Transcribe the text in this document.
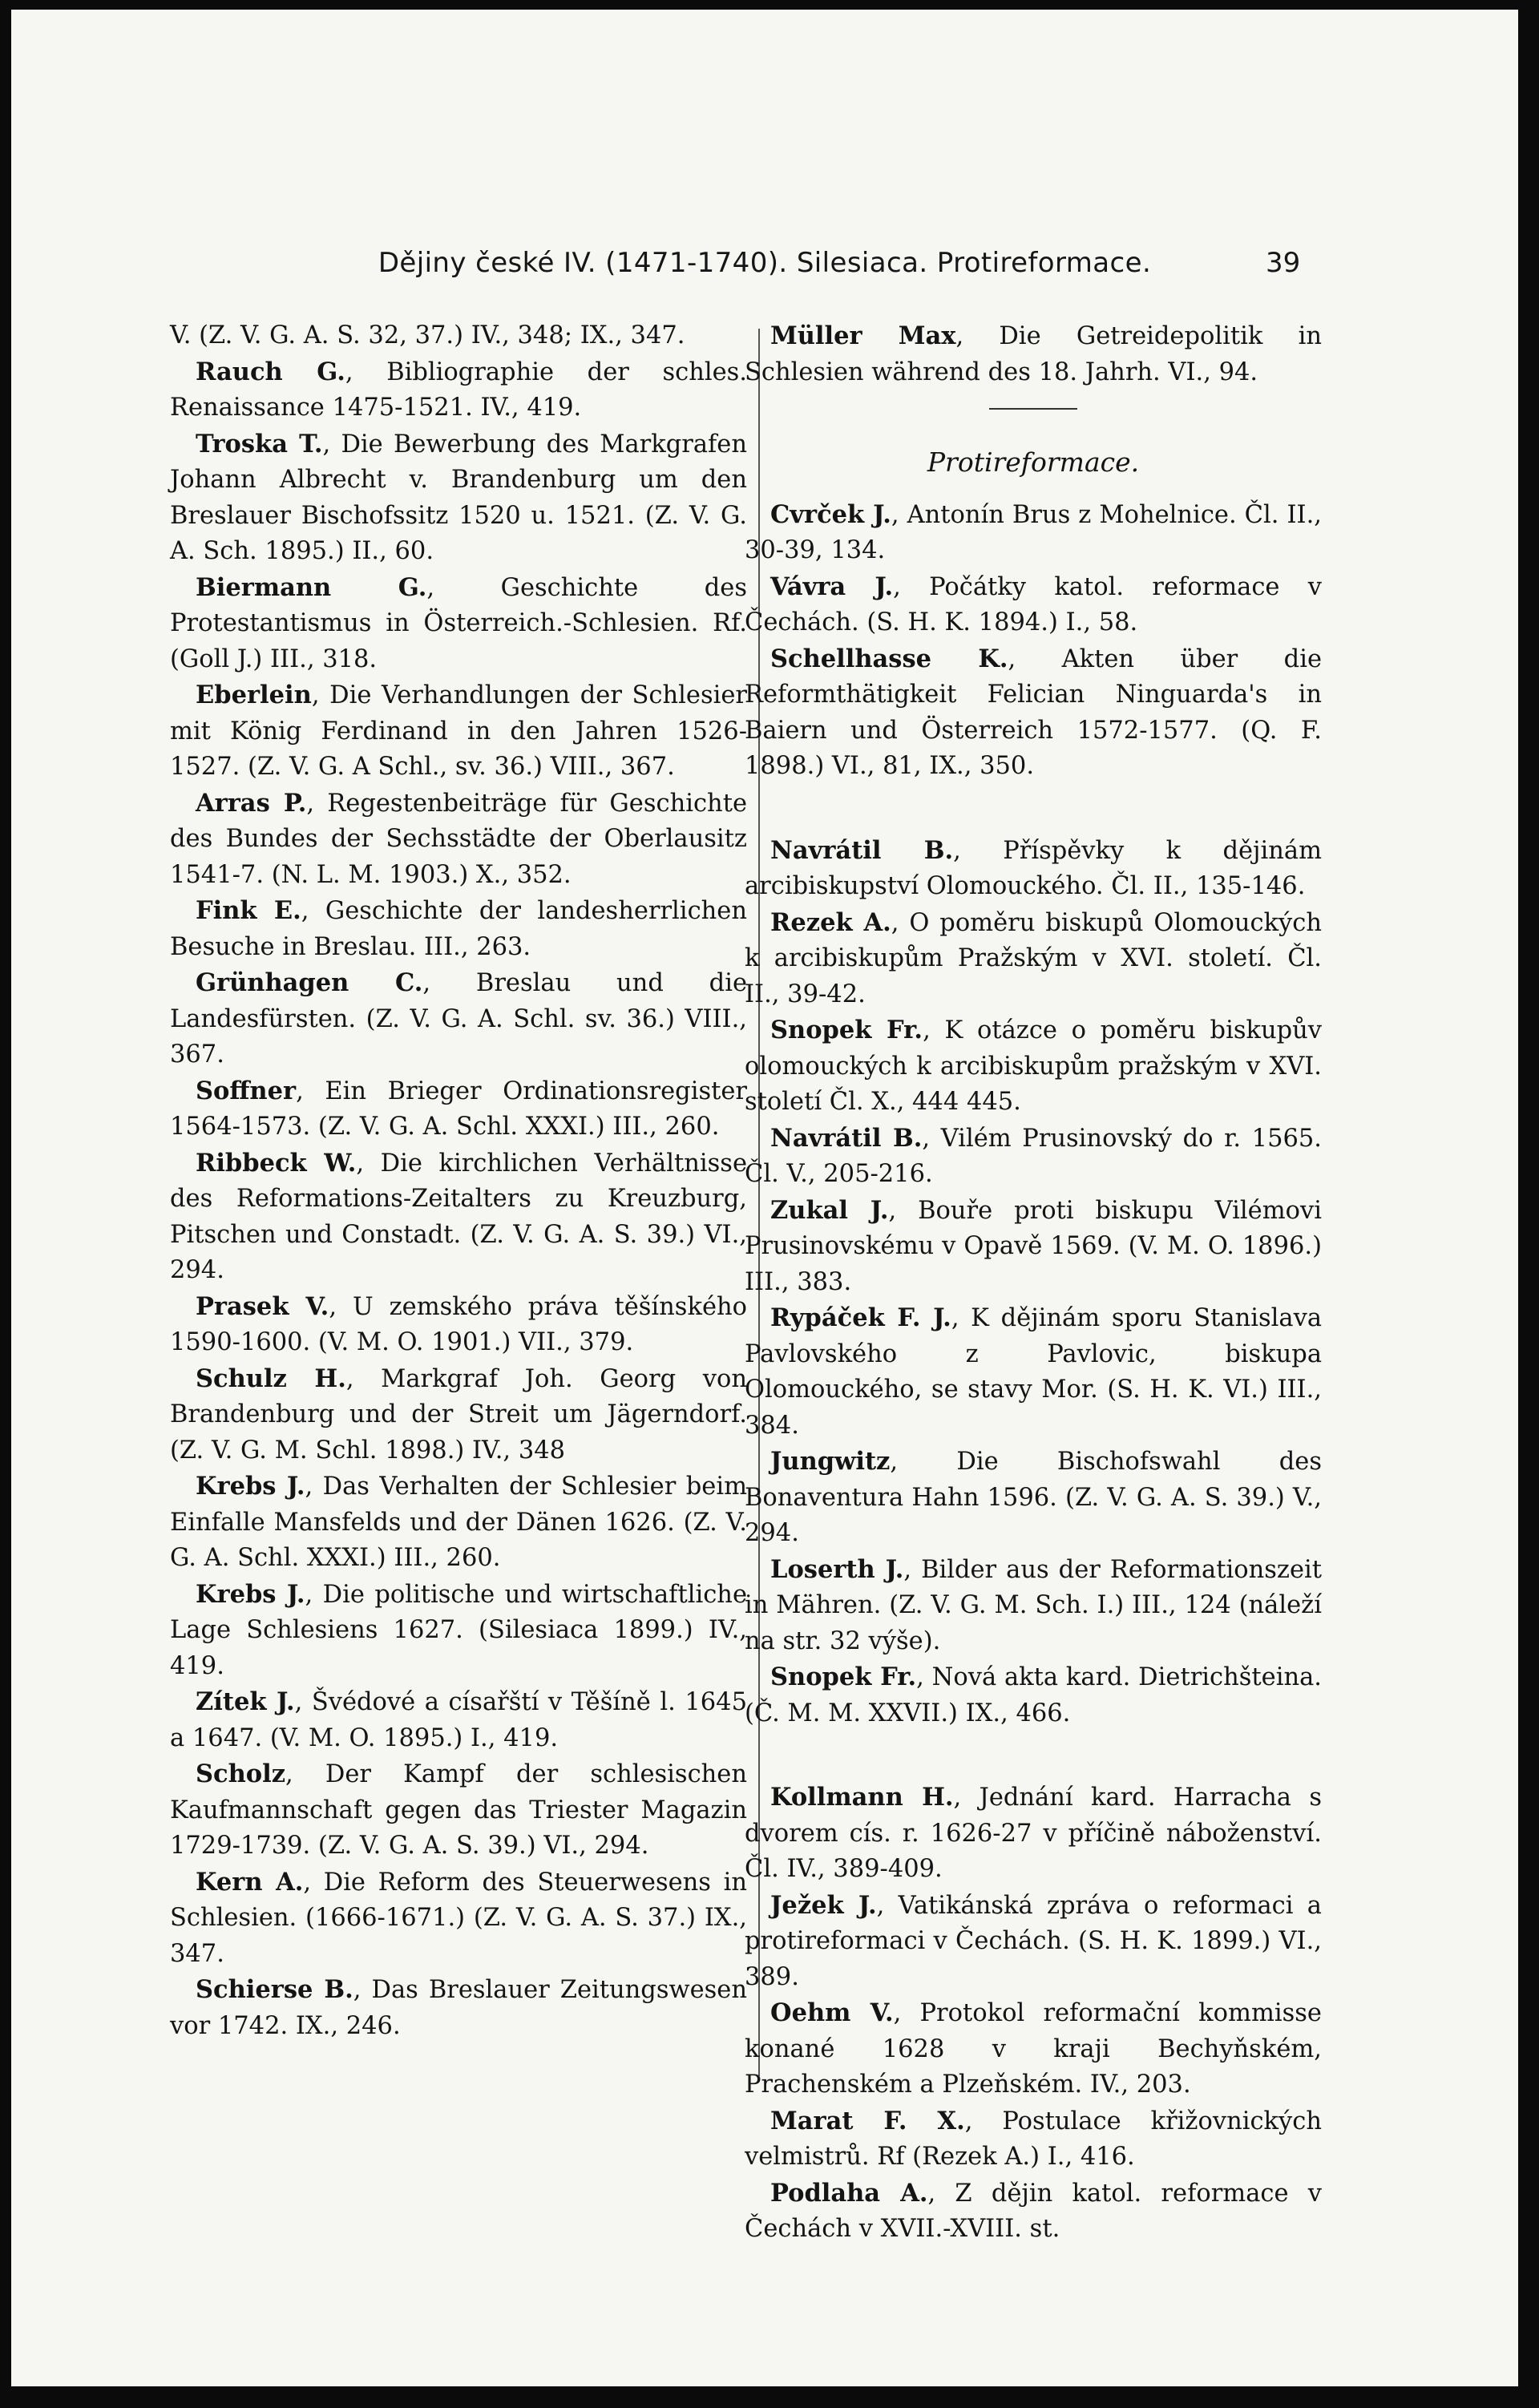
Dějiny české IV. (1471-1740). Silesiaca. Protireformace.	39

V. (Z. V. G. A. S. 32, 37.) IV., 348; IX., 347.

Rauch G., Bibliographie der schles. Renaissance 1475-1521. IV., 419.

Troska T., Die Bewerbung des Markgrafen Johann Albrecht v. Brandenburg um den Breslauer Bischofssitz 1520 u. 1521. (Z. V. G. A. Sch. 1895.) II., 60.

Biermann G., Geschichte des Protestantismus in Österreich.-Schlesien. Rf. (Goll J.) III., 318.

Eberlein, Die Verhandlungen der Schlesier mit König Ferdinand in den Jahren 1526-1527. (Z. V. G. A Schl., sv. 36.) VIII., 367.

Arras P., Regestenbeiträge für Geschichte des Bundes der Sechsstädte der Oberlausitz 1541-7. (N. L. M. 1903.) X., 352.

Fink E., Geschichte der landesherrlichen Besuche in Breslau. III., 263.

Grünhagen C., Breslau und die Landesfürsten. (Z. V. G. A. Schl. sv. 36.) VIII., 367.

Soffner, Ein Brieger Ordinationsregister 1564-1573. (Z. V. G. A. Schl. XXXI.) III., 260.

Ribbeck W., Die kirchlichen Verhältnisse des Reformations-Zeitalters zu Kreuzburg, Pitschen und Constadt. (Z. V. G. A. S. 39.) VI., 294.

Prasek V., U zemského práva těšínského 1590-1600. (V. M. O. 1901.) VII., 379.

Schulz H., Markgraf Joh. Georg von Brandenburg und der Streit um Jägerndorf. (Z. V. G. M. Schl. 1898.) IV., 348

Krebs J., Das Verhalten der Schlesier beim Einfalle Mansfelds und der Dänen 1626. (Z. V. G. A. Schl. XXXI.) III., 260.

Krebs J., Die politische und wirtschaftliche Lage Schlesiens 1627. (Silesiaca 1899.) IV., 419.

Zítek J., Švédové a císařští v Těšíně l. 1645 a 1647. (V. M. O. 1895.) I., 419.

Scholz, Der Kampf der schlesischen Kaufmannschaft gegen das Triester Magazin 1729-1739. (Z. V. G. A. S. 39.) VI., 294.

Kern A., Die Reform des Steuerwesens in Schlesien. (1666-1671.) (Z. V. G. A. S. 37.) IX., 347.

Schierse B., Das Breslauer Zeitungswesen vor 1742. IX., 246.

Müller Max, Die Getreidepolitik in Schlesien während des 18. Jahrh. VI., 94.

Protireformace.

Cvrček J., Antonín Brus z Mohelnice. Čl. II., 30-39, 134.

Vávra J., Počátky katol. reformace v Čechách. (S. H. K. 1894.) I., 58.

Schellhasse K., Akten über die Reformthätigkeit Felician Ninguarda's in Baiern und Österreich 1572-1577. (Q. F. 1898.) VI., 81, IX., 350.

Navrátil B., Příspěvky k dějinám arcibiskupství Olomouckého. Čl. II., 135-146.

Rezek A., O poměru biskupů Olomouckých k arcibiskupům Pražským v XVI. století. Čl. II., 39-42.

Snopek Fr., K otázce o poměru biskupův olomouckých k arcibiskupům pražským v XVI. století Čl. X., 444 445.

Navrátil B., Vilém Prusinovský do r. 1565. Čl. V., 205-216.

Zukal J., Bouře proti biskupu Vilémovi Prusinovskému v Opavě 1569. (V. M. O. 1896.) III., 383.

Rypáček F. J., K dějinám sporu Stanislava Pavlovského z Pavlovic, biskupa Olomouckého, se stavy Mor. (S. H. K. VI.) III., 384.

Jungwitz, Die Bischofswahl des Bonaventura Hahn 1596. (Z. V. G. A. S. 39.) V., 294.

Loserth J., Bilder aus der Reformationszeit in Mähren. (Z. V. G. M. Sch. I.) III., 124 (náleží na str. 32 výše).

Snopek Fr., Nová akta kard. Dietrichšteina. (Č. M. M. XXVII.) IX., 466.

Kollmann H., Jednání kard. Harracha s dvorem cís. r. 1626-27 v příčině náboženství. Čl. IV., 389-409.

Ježek J., Vatikánská zpráva o reformaci a protireformaci v Čechách. (S. H. K. 1899.) VI., 389.

Oehm V., Protokol reformační kommisse konané 1628 v kraji Bechyňském, Prachenském a Plzeňském. IV., 203.

Marat F. X., Postulace křižovnických velmistrů. Rf (Rezek A.) I., 416.

Podlaha A., Z dějin katol. reformace v Čechách v XVII.-XVIII. st.
